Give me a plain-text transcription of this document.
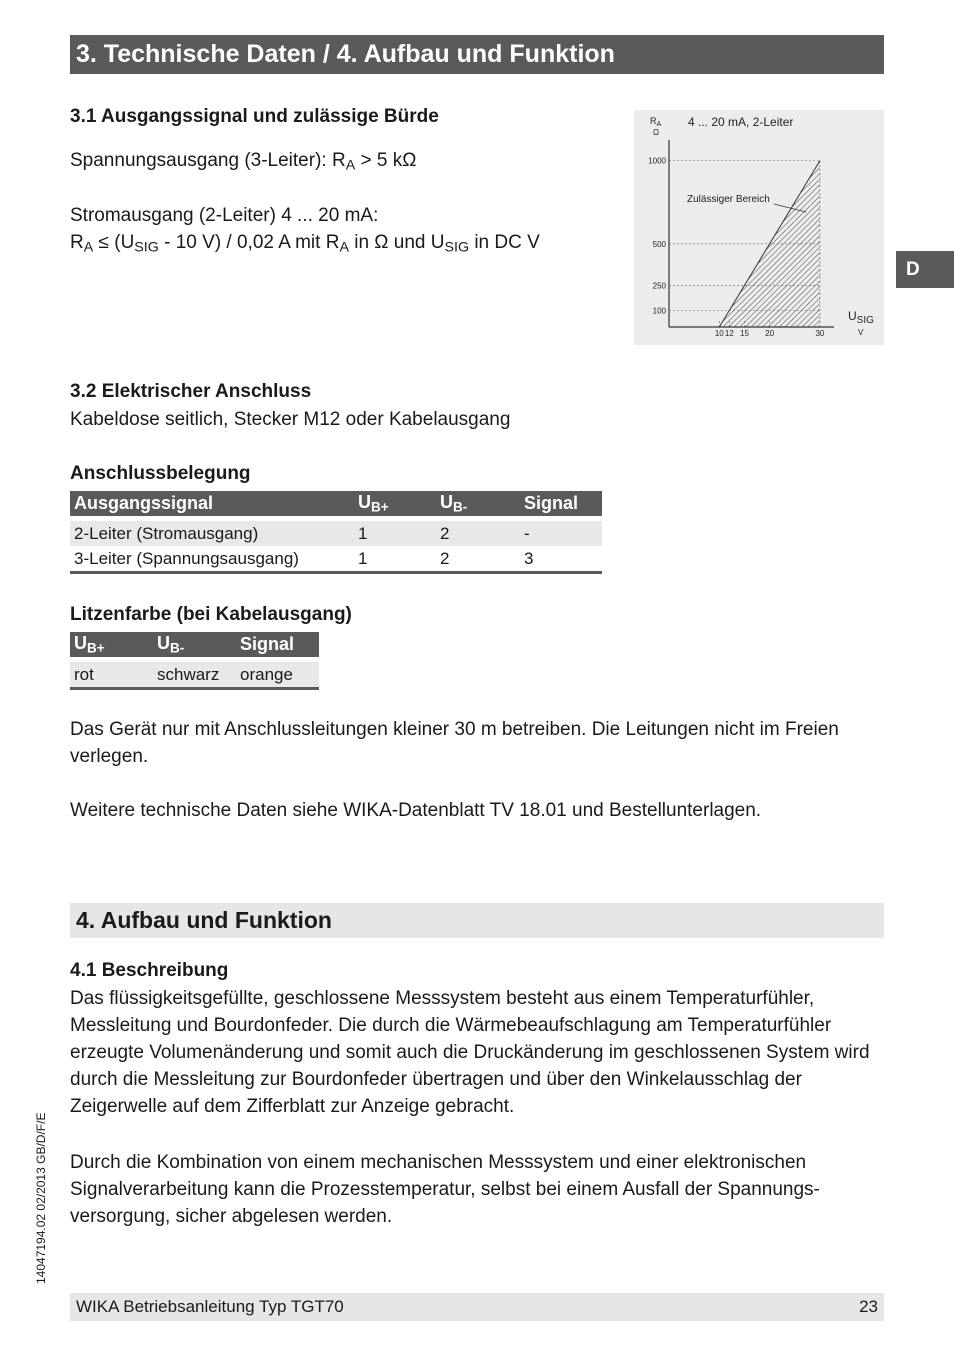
3. Technische Daten / 4. Aufbau und Funktion
D
3.1 Ausgangssignal und zulässige Bürde
Spannungsausgang (3-Leiter): $R_A > 5$ kΩ
Stromausgang (2-Leiter) 4 ... 20 mA:
$R_A \le (U_{SIG} - 10$ V) / 0,02 A mit $R_A$ in Ω und $U_{SIG}$ in DC V
10 12 15 20	30
100
250
500
1000
4 ... 20 mA, 2-Leiter
Zulässiger Bereich
$R_A$
Ω
$U_{SIG}$
V
3.2 Elektrischer Anschluss
Kabeldose seitlich, Stecker M12 oder Kabelausgang
Anschlussbelegung
Ausgangssignal	$U_{B+}$	$U_{B-}$	Signal

2-Leiter (Stromausgang)	1	2	-
3-Leiter (Spannungsausgang)	1	2	3
Litzenfarbe (bei Kabelausgang)
$U_{B+}$	$U_{B-}$	Signal

rot	schwarz	orange
Das Gerät nur mit Anschlussleitungen kleiner 30 m betreiben. Die Leitungen nicht im Freien verlegen.
Weitere technische Daten siehe WIKA-Datenblatt TV 18.01 und Bestellunterlagen.
4. Aufbau und Funktion
4.1 Beschreibung
Das flüssigkeitsgefüllte, geschlossene Messsystem besteht aus einem Temperaturfühler, Messleitung und Bourdonfeder. Die durch die Wärmebeaufschlagung am Temperaturfühler erzeugte Volumenänderung und somit auch die Druckänderung im geschlossenen System wird durch die Messleitung zur Bourdonfeder übertragen und über den Winkelausschlag der Zeigerwelle auf dem Zifferblatt zur Anzeige gebracht.
Durch die Kombination von einem mechanischen Messsystem und einer elektronischen Signalverarbeitung kann die Prozesstemperatur, selbst bei einem Ausfall der Spannungs-versorgung, sicher abgelesen werden.
14047194.02 02/2013 GB/D/F/E
WIKA Betriebsanleitung Typ TGT70	23
